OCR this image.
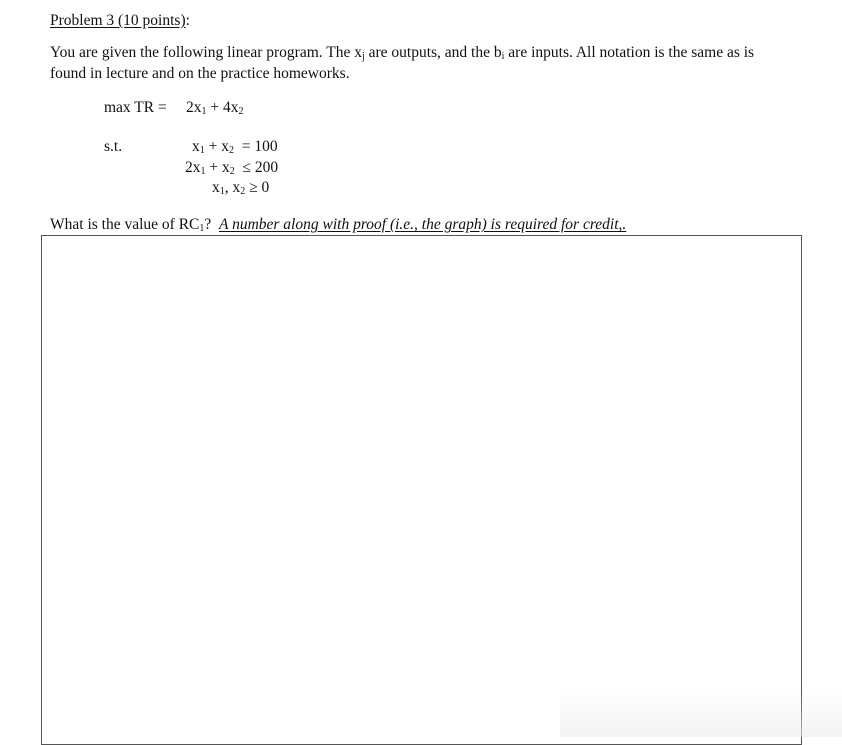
Problem 3 (10 points):
You are given the following linear program. The $x_j$ are outputs, and the $b_i$ are inputs. All notation is the same as is found in lecture and on the practice homeworks.
max TR = $2x_1 + 4x_2$
s.t.	$x_1 + x_2 = 100$
$2x_1 + x_2 \le 200$
$x_1$, $x_2 \ge 0$
What is the value of $RC_1$?  A number along with proof (i.e., the graph) is required for credit,.
